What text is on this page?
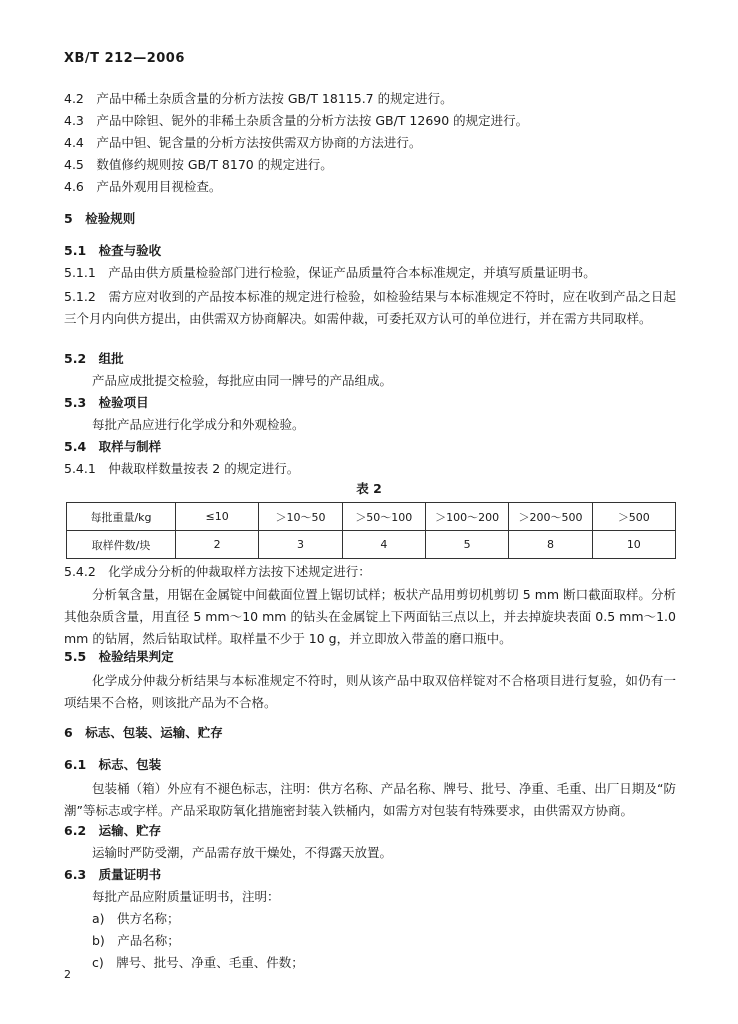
XB/T 212—2006
4.2　产品中稀土杂质含量的分析方法按 GB/T 18115.7 的规定进行。
4.3　产品中除钽、铌外的非稀土杂质含量的分析方法按 GB/T 12690 的规定进行。
4.4　产品中钽、铌含量的分析方法按供需双方协商的方法进行。
4.5　数值修约规则按 GB/T 8170 的规定进行。
4.6　产品外观用目视检查。
5　检验规则
5.1　检查与验收
5.1.1　产品由供方质量检验部门进行检验，保证产品质量符合本标准规定，并填写质量证明书。
5.1.2　需方应对收到的产品按本标准的规定进行检验，如检验结果与本标准规定不符时，应在收到产品之日起三个月内向供方提出，由供需双方协商解决。如需仲裁，可委托双方认可的单位进行，并在需方共同取样。
5.2　组批
产品应成批提交检验，每批应由同一牌号的产品组成。
5.3　检验项目
每批产品应进行化学成分和外观检验。
5.4　取样与制样
5.4.1　仲裁取样数量按表 2 的规定进行。
表 2
每批重量/kg	≤10	＞10～50	＞50～100	＞100～200	＞200～500	＞500
取样件数/块	2	3	4	5	8	10
5.4.2　化学成分分析的仲裁取样方法按下述规定进行：
分析氧含量，用锯在金属锭中间截面位置上锯切试样；板状产品用剪切机剪切 5 mm 断口截面取样。分析其他杂质含量，用直径 5 mm～10 mm 的钻头在金属锭上下两面钻三点以上，并去掉旋块表面 0.5 mm～1.0 mm 的钻屑，然后钻取试样。取样量不少于 10 g，并立即放入带盖的磨口瓶中。
5.5　检验结果判定
化学成分仲裁分析结果与本标准规定不符时，则从该产品中取双倍样锭对不合格项目进行复验，如仍有一项结果不合格，则该批产品为不合格。
6　标志、包装、运输、贮存
6.1　标志、包装
包装桶（箱）外应有不褪色标志，注明：供方名称、产品名称、牌号、批号、净重、毛重、出厂日期及“防潮”等标志或字样。产品采取防氧化措施密封装入铁桶内，如需方对包装有特殊要求，由供需双方协商。
6.2　运输、贮存
运输时严防受潮，产品需存放干燥处，不得露天放置。
6.3　质量证明书
每批产品应附质量证明书，注明：
a)　供方名称；
b)　产品名称；
c)　牌号、批号、净重、毛重、件数；
2
